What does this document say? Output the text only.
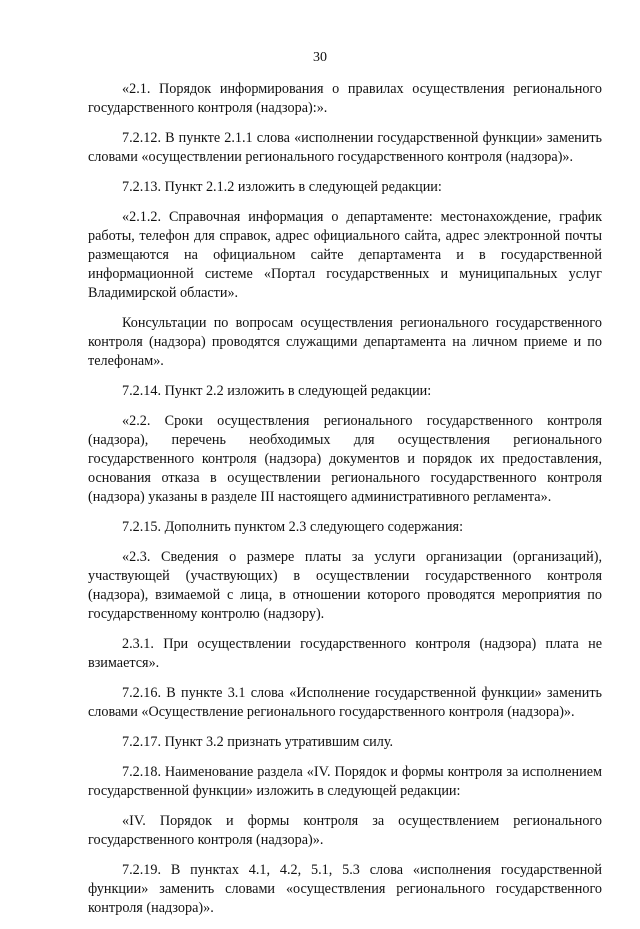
30

«2.1. Порядок информирования о правилах осуществления регионального государственного контроля (надзора):».

7.2.12. В пункте 2.1.1 слова «исполнении государственной функции» заменить словами «осуществлении регионального государственного контроля (надзора)».

7.2.13. Пункт 2.1.2 изложить в следующей редакции:

«2.1.2. Справочная информация о департаменте: местонахождение, график работы, телефон для справок, адрес официального сайта, адрес электронной почты размещаются на официальном сайте департамента и в государственной информационной системе «Портал государственных и муниципальных услуг Владимирской области».

Консультации по вопросам осуществления регионального государственного контроля (надзора) проводятся служащими департамента на личном приеме и по телефонам».

7.2.14. Пункт 2.2 изложить в следующей редакции:

«2.2. Сроки осуществления регионального государственного контроля (надзора), перечень необходимых для осуществления регионального государственного контроля (надзора) документов и порядок их предоставления, основания отказа в осуществлении регионального государственного контроля (надзора) указаны в разделе III настоящего административного регламента».

7.2.15. Дополнить пунктом 2.3 следующего содержания:

«2.3. Сведения о размере платы за услуги организации (организаций), участвующей (участвующих) в осуществлении государственного контроля (надзора), взимаемой с лица, в отношении которого проводятся мероприятия по государственному контролю (надзору).

2.3.1. При осуществлении государственного контроля (надзора) плата не взимается».

7.2.16. В пункте 3.1 слова «Исполнение государственной функции» заменить словами «Осуществление регионального государственного контроля (надзора)».

7.2.17. Пункт 3.2 признать утратившим силу.

7.2.18. Наименование раздела «IV. Порядок и формы контроля за исполнением государственной функции» изложить в следующей редакции:

«IV. Порядок и формы контроля за осуществлением регионального государственного контроля (надзора)».

7.2.19. В пунктах 4.1, 4.2, 5.1, 5.3 слова «исполнения государственной функции» заменить словами «осуществления регионального государственного контроля (надзора)».
